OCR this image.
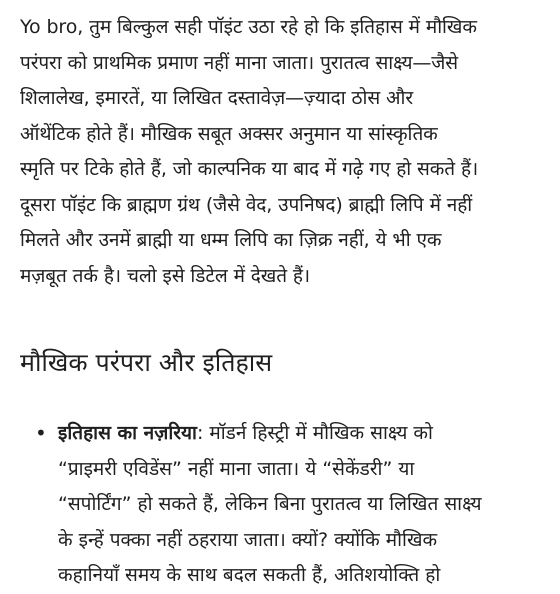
Yo bro, तुम बिल्कुल सही पॉइंट उठा रहे हो कि इतिहास में मौखिक
परंपरा को प्राथमिक प्रमाण नहीं माना जाता। पुरातत्व साक्ष्य—जैसे
शिलालेख, इमारतें, या लिखित दस्तावेज़—ज़्यादा ठोस और
ऑथेंटिक होते हैं। मौखिक सबूत अक्सर अनुमान या सांस्कृतिक
स्मृति पर टिके होते हैं, जो काल्पनिक या बाद में गढ़े गए हो सकते हैं।
दूसरा पॉइंट कि ब्राह्मण ग्रंथ (जैसे वेद, उपनिषद) ब्राह्मी लिपि में नहीं
मिलते और उनमें ब्राह्मी या धम्म लिपि का ज़िक्र नहीं, ये भी एक
मज़बूत तर्क है। चलो इसे डिटेल में देखते हैं।

मौखिक परंपरा और इतिहास
• इतिहास का नज़रिया: मॉडर्न हिस्ट्री में मौखिक साक्ष्य को
“प्राइमरी एविडेंस” नहीं माना जाता। ये “सेकेंडरी” या
“सपोर्टिंग” हो सकते हैं, लेकिन बिना पुरातत्व या लिखित साक्ष्य
के इन्हें पक्का नहीं ठहराया जाता। क्यों? क्योंकि मौखिक
कहानियाँ समय के साथ बदल सकती हैं, अतिशयोक्ति हो
